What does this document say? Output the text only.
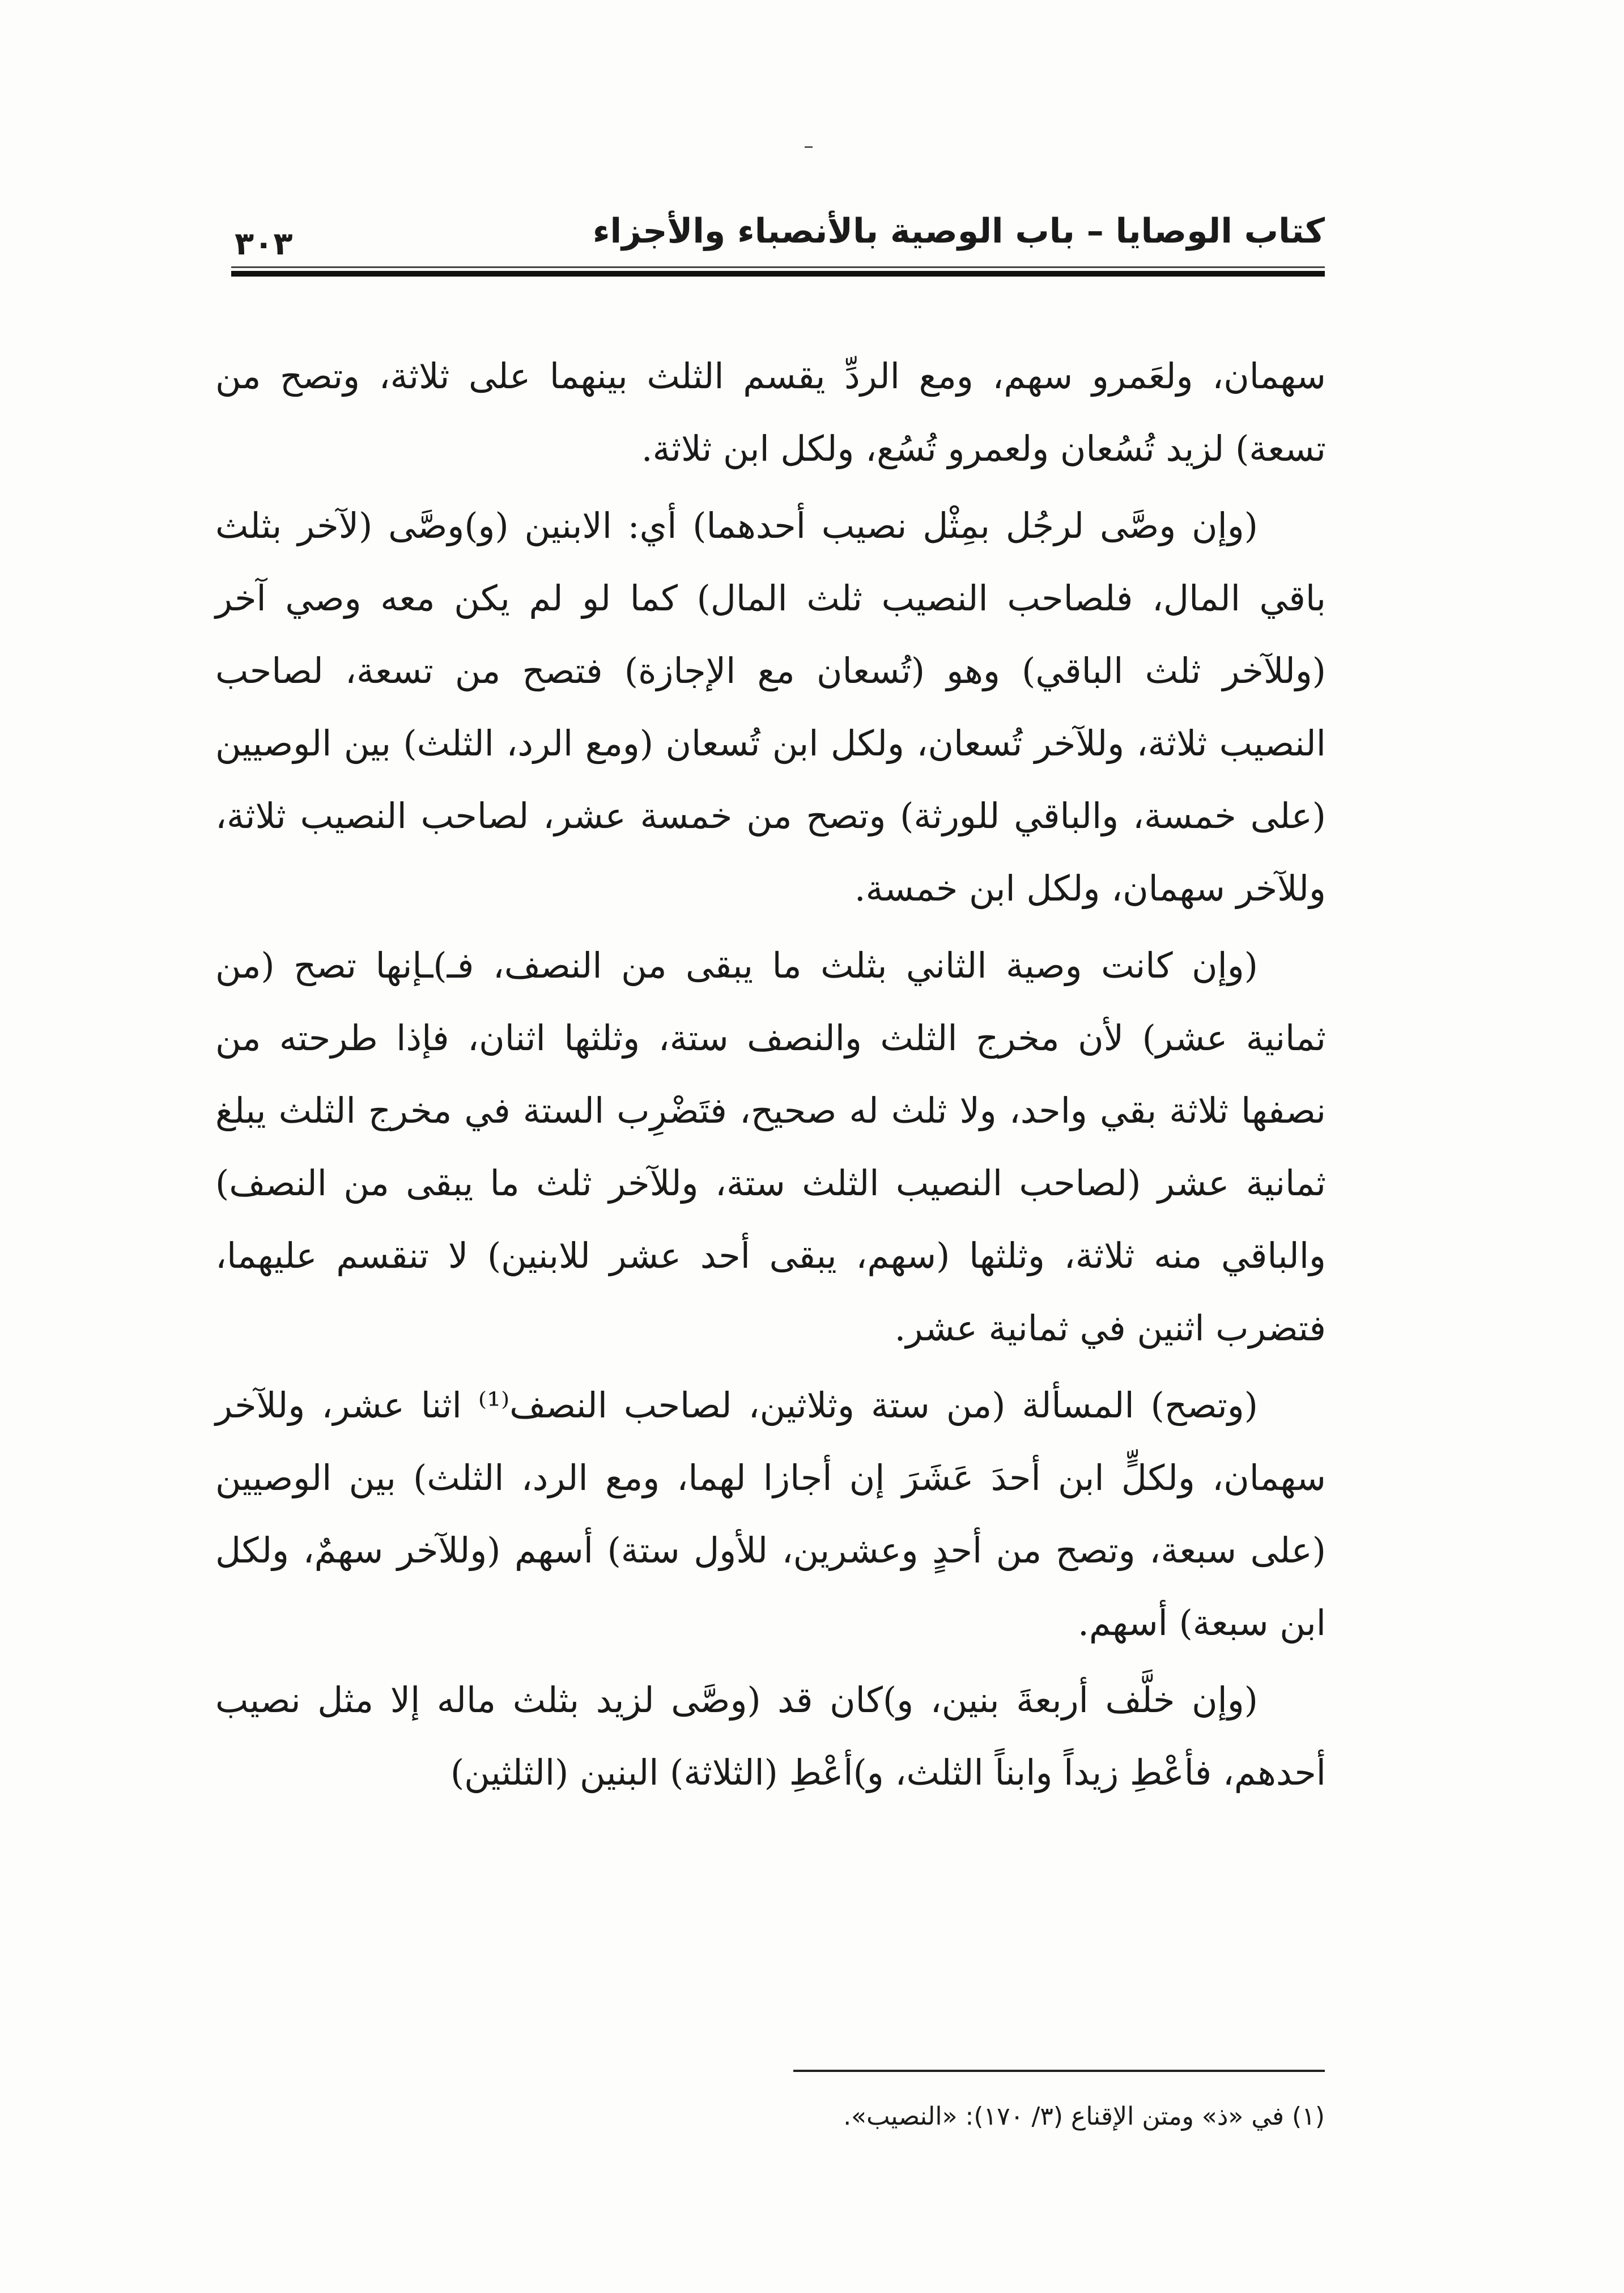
كتاب الوصايا – باب الوصية بالأنصباء والأجزاء
٣٠٣

سهمان، ولعَمرو سهم، ومع الردِّ يقسم الثلث بينهما على ثلاثة، وتصح من تسعة) لزيد تُسُعان ولعمرو تُسُع، ولكل ابن ثلاثة.

(وإن وصَّى لرجُل بمِثْل نصيب أحدهما) أي: الابنين (و)وصَّى (لآخر بثلث باقي المال، فلصاحب النصيب ثلث المال) كما لو لم يكن معه وصي آخر (وللآخر ثلث الباقي) وهو (تُسعان مع الإجازة) فتصح من تسعة، لصاحب النصيب ثلاثة، وللآخر تُسعان، ولكل ابن تُسعان (ومع الرد، الثلث) بين الوصيين (على خمسة، والباقي للورثة) وتصح من خمسة عشر، لصاحب النصيب ثلاثة، وللآخر سهمان، ولكل ابن خمسة.

(وإن كانت وصية الثاني بثلث ما يبقى من النصف، فـ)ـإنها تصح (من ثمانية عشر) لأن مخرج الثلث والنصف ستة، وثلثها اثنان، فإذا طرحته من نصفها ثلاثة بقي واحد، ولا ثلث له صحيح، فتَضْرِب الستة في مخرج الثلث يبلغ ثمانية عشر (لصاحب النصيب الثلث ستة، وللآخر ثلث ما يبقى من النصف) والباقي منه ثلاثة، وثلثها (سهم، يبقى أحد عشر للابنين) لا تنقسم عليهما، فتضرب اثنين في ثمانية عشر.

(وتصح) المسألة (من ستة وثلاثين، لصاحب النصف⁽¹⁾ اثنا عشر، وللآخر سهمان، ولكلٍّ ابن أحدَ عَشَرَ إن أجازا لهما، ومع الرد، الثلث) بين الوصيين (على سبعة، وتصح من أحدٍ وعشرين، للأول ستة) أسهم (وللآخر سهمٌ، ولكل ابن سبعة) أسهم.

(وإن خلَّف أربعةَ بنين، و)كان قد (وصَّى لزيد بثلث ماله إلا مثل نصيب أحدهم، فأعْطِ زيداً وابناً الثلث، و)أعْطِ (الثلاثة) البنين (الثلثين)

(١) في «ذ» ومتن الإقناع (٣/ ١٧٠): «النصيب».
